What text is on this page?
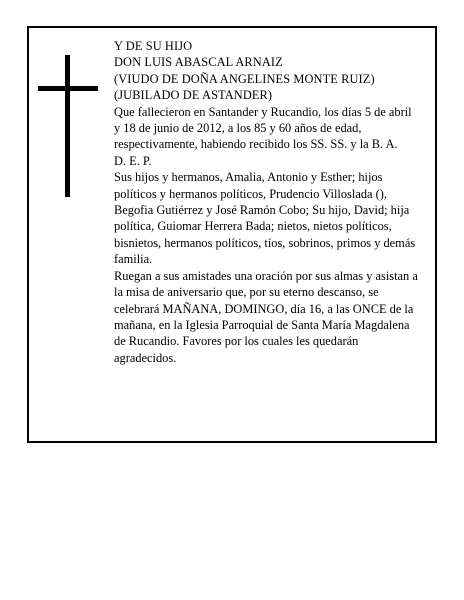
Y DE SU HIJO

DON LUIS ABASCAL ARNAIZ

(VIUDO DE DOÑA ANGELINES MONTE RUIZ)

(JUBILADO DE ASTANDER)

Que fallecieron en Santander y Rucandio, los días 5 de abril y 18 de junio de 2012, a los 85 y 60 años de edad, respectivamente, habiendo recibido los SS. SS. y la B. A.

D. E. P.

Sus hijos y hermanos, Amalia, Antonio y Esther; hijos políticos y hermanos políticos, Prudencio Villoslada (), Begofia Gutiérrez y José Ramón Cobo; Su hijo, David; hija política, Guiomar Herrera Bada; nietos, nietos políticos, bisnietos, hermanos políticos, tíos, sobrinos, primos y demás familia.

Ruegan a sus amistades una oración por sus almas y asistan a la misa de aniversario que, por su eterno descanso, se celebrará MAÑANA, DOMINGO, día 16, a las ONCE de la mañana, en la Iglesia Parroquial de Santa María Magdalena de Rucandio. Favores por los cuales les quedarán agradecidos.
